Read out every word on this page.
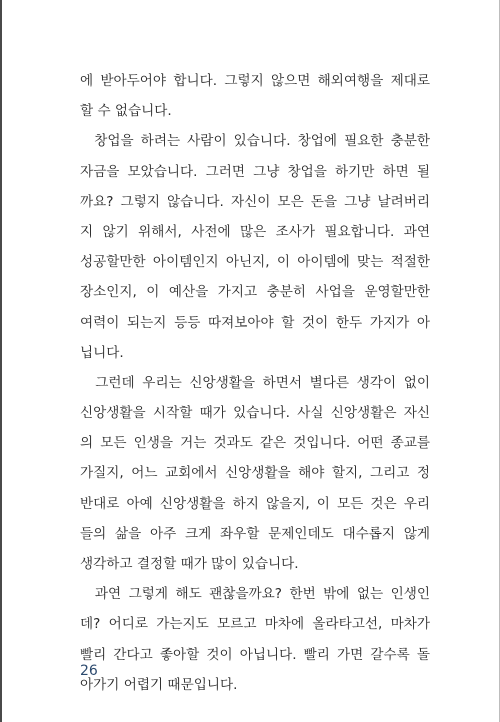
에 받아두어야 합니다. 그렇지 않으면 해외여행을 제대로
할 수 없습니다.
창업을 하려는 사람이 있습니다. 창업에 필요한 충분한
자금을 모았습니다. 그러면 그냥 창업을 하기만 하면 될
까요? 그렇지 않습니다. 자신이 모은 돈을 그냥 날려버리
지 않기 위해서, 사전에 많은 조사가 필요합니다. 과연
성공할만한 아이템인지 아닌지, 이 아이템에 맞는 적절한
장소인지, 이 예산을 가지고 충분히 사업을 운영할만한
여력이 되는지 등등 따져보아야 할 것이 한두 가지가 아
닙니다.
그런데 우리는 신앙생활을 하면서 별다른 생각이 없이
신앙생활을 시작할 때가 있습니다. 사실 신앙생활은 자신
의 모든 인생을 거는 것과도 같은 것입니다. 어떤 종교를
가질지, 어느 교회에서 신앙생활을 해야 할지, 그리고 정
반대로 아예 신앙생활을 하지 않을지, 이 모든 것은 우리
들의 삶을 아주 크게 좌우할 문제인데도 대수롭지 않게
생각하고 결정할 때가 많이 있습니다.
과연 그렇게 해도 괜찮을까요? 한번 밖에 없는 인생인
데? 어디로 가는지도 모르고 마차에 올라타고선, 마차가
빨리 간다고 좋아할 것이 아닙니다. 빨리 가면 갈수록 돌
아가기 어렵기 때문입니다.
26
